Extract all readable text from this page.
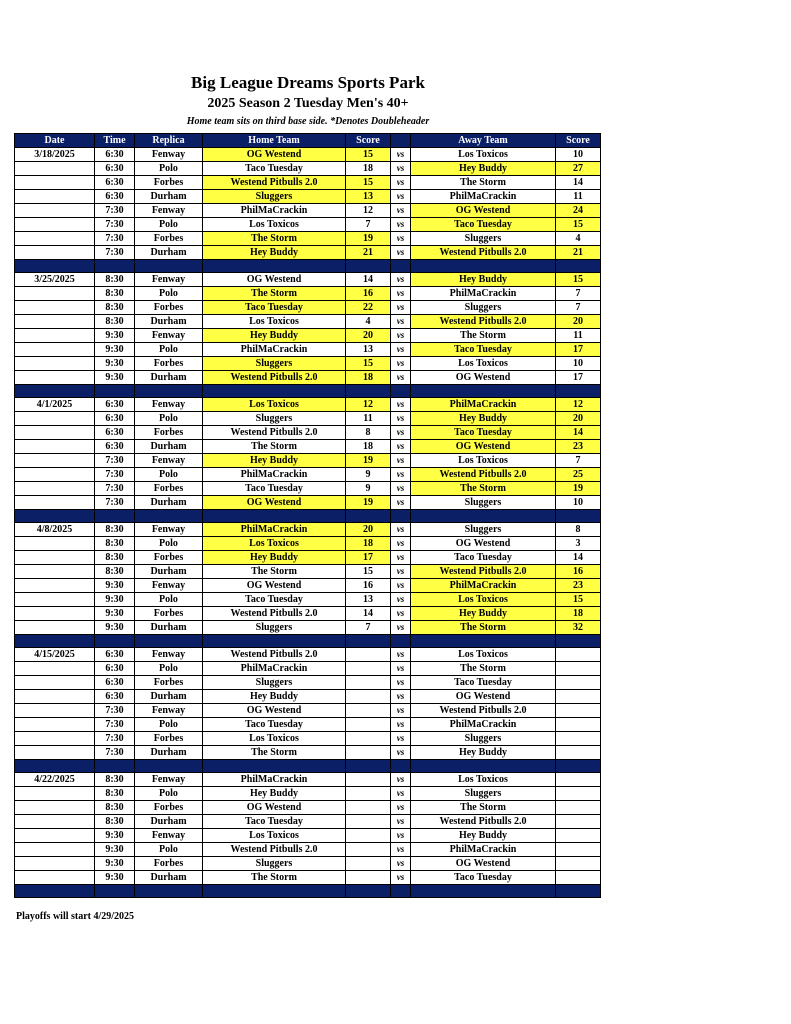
Big League Dreams Sports Park
2025 Season 2 Tuesday Men's 40+
Home team sits on third base side. *Denotes Doubleheader
Date	Time	Replica	Home Team	Score		Away Team	Score
3/18/2025	6:30	Fenway	OG Westend	15	vs	Los Toxicos	10
	6:30	Polo	Taco Tuesday	18	vs	Hey Buddy	27
	6:30	Forbes	Westend Pitbulls 2.0	15	vs	The Storm	14
	6:30	Durham	Sluggers	13	vs	PhilMaCrackin	11
	7:30	Fenway	PhilMaCrackin	12	vs	OG Westend	24
	7:30	Polo	Los Toxicos	7	vs	Taco Tuesday	15
	7:30	Forbes	The Storm	19	vs	Sluggers	4
	7:30	Durham	Hey Buddy	21	vs	Westend Pitbulls 2.0	21

3/25/2025	8:30	Fenway	OG Westend	14	vs	Hey Buddy	15
	8:30	Polo	The Storm	16	vs	PhilMaCrackin	7
	8:30	Forbes	Taco Tuesday	22	vs	Sluggers	7
	8:30	Durham	Los Toxicos	4	vs	Westend Pitbulls 2.0	20
	9:30	Fenway	Hey Buddy	20	vs	The Storm	11
	9:30	Polo	PhilMaCrackin	13	vs	Taco Tuesday	17
	9:30	Forbes	Sluggers	15	vs	Los Toxicos	10
	9:30	Durham	Westend Pitbulls 2.0	18	vs	OG Westend	17

4/1/2025	6:30	Fenway	Los Toxicos	12	vs	PhilMaCrackin	12
	6:30	Polo	Sluggers	11	vs	Hey Buddy	20
	6:30	Forbes	Westend Pitbulls 2.0	8	vs	Taco Tuesday	14
	6:30	Durham	The Storm	18	vs	OG Westend	23
	7:30	Fenway	Hey Buddy	19	vs	Los Toxicos	7
	7:30	Polo	PhilMaCrackin	9	vs	Westend Pitbulls 2.0	25
	7:30	Forbes	Taco Tuesday	9	vs	The Storm	19
	7:30	Durham	OG Westend	19	vs	Sluggers	10

4/8/2025	8:30	Fenway	PhilMaCrackin	20	vs	Sluggers	8
	8:30	Polo	Los Toxicos	18	vs	OG Westend	3
	8:30	Forbes	Hey Buddy	17	vs	Taco Tuesday	14
	8:30	Durham	The Storm	15	vs	Westend Pitbulls 2.0	16
	9:30	Fenway	OG Westend	16	vs	PhilMaCrackin	23
	9:30	Polo	Taco Tuesday	13	vs	Los Toxicos	15
	9:30	Forbes	Westend Pitbulls 2.0	14	vs	Hey Buddy	18
	9:30	Durham	Sluggers	7	vs	The Storm	32

4/15/2025	6:30	Fenway	Westend Pitbulls 2.0		vs	Los Toxicos	
	6:30	Polo	PhilMaCrackin		vs	The Storm	
	6:30	Forbes	Sluggers		vs	Taco Tuesday	
	6:30	Durham	Hey Buddy		vs	OG Westend	
	7:30	Fenway	OG Westend		vs	Westend Pitbulls 2.0	
	7:30	Polo	Taco Tuesday		vs	PhilMaCrackin	
	7:30	Forbes	Los Toxicos		vs	Sluggers	
	7:30	Durham	The Storm		vs	Hey Buddy	

4/22/2025	8:30	Fenway	PhilMaCrackin		vs	Los Toxicos	
	8:30	Polo	Hey Buddy		vs	Sluggers	
	8:30	Forbes	OG Westend		vs	The Storm	
	8:30	Durham	Taco Tuesday		vs	Westend Pitbulls 2.0	
	9:30	Fenway	Los Toxicos		vs	Hey Buddy	
	9:30	Polo	Westend Pitbulls 2.0		vs	PhilMaCrackin	
	9:30	Forbes	Sluggers		vs	OG Westend	
	9:30	Durham	The Storm		vs	Taco Tuesday	

Playoffs will start 4/29/2025
